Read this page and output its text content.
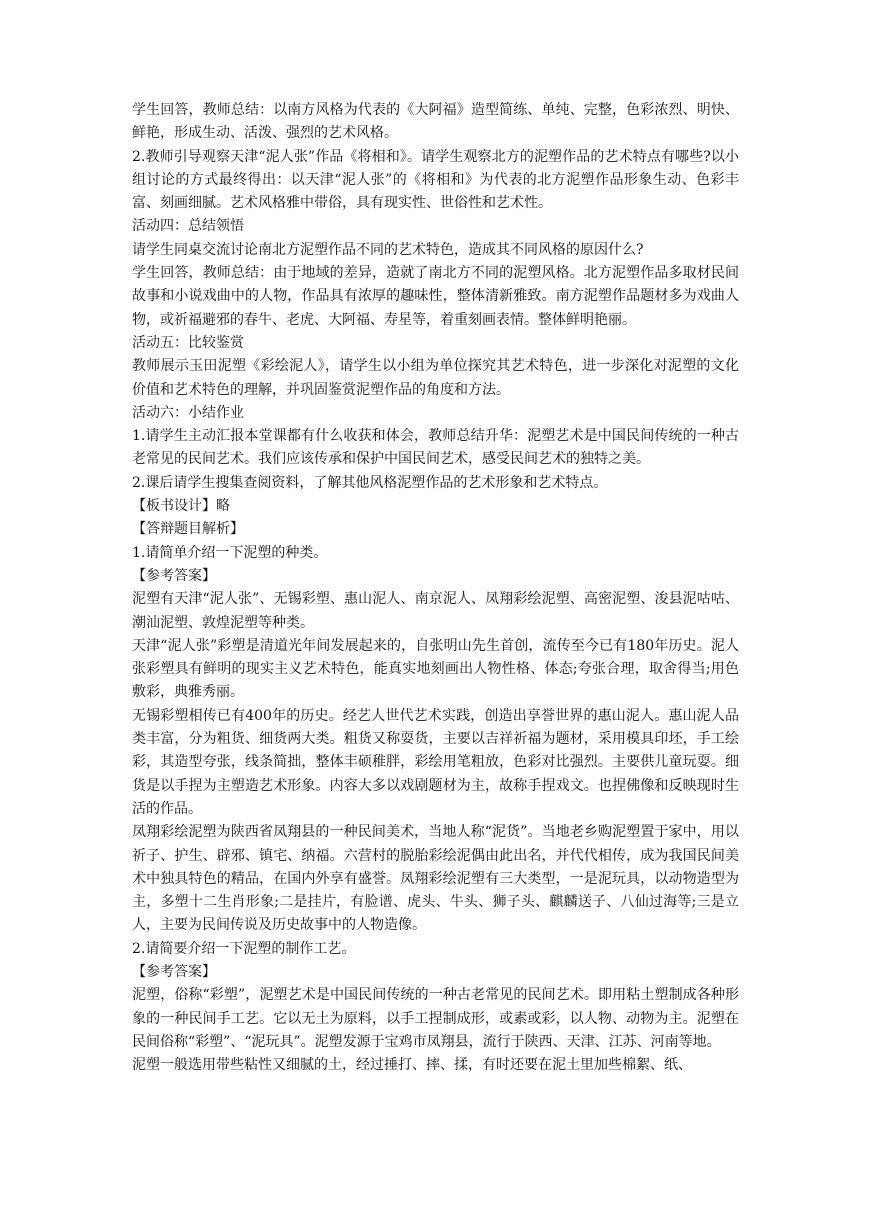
学生回答，教师总结：以南方风格为代表的《大阿福》造型简练、单纯、完整，色彩浓烈、明快、鲜艳，形成生动、活泼、强烈的艺术风格。

2.教师引导观察天津“泥人张”作品《将相和》。请学生观察北方的泥塑作品的艺术特点有哪些?以小组讨论的方式最终得出：以天津“泥人张”的《将相和》为代表的北方泥塑作品形象生动、色彩丰富、刻画细腻。艺术风格雅中带俗，具有现实性、世俗性和艺术性。

活动四：总结领悟

请学生同桌交流讨论南北方泥塑作品不同的艺术特色，造成其不同风格的原因什么?

学生回答，教师总结：由于地域的差异，造就了南北方不同的泥塑风格。北方泥塑作品多取材民间故事和小说戏曲中的人物，作品具有浓厚的趣味性，整体清新雅致。南方泥塑作品题材多为戏曲人物，或祈福避邪的春牛、老虎、大阿福、寿星等，着重刻画表情。整体鲜明艳丽。

活动五：比较鉴赏

教师展示玉田泥塑《彩绘泥人》，请学生以小组为单位探究其艺术特色，进一步深化对泥塑的文化价值和艺术特色的理解，并巩固鉴赏泥塑作品的角度和方法。

活动六：小结作业

1.请学生主动汇报本堂课都有什么收获和体会，教师总结升华：泥塑艺术是中国民间传统的一种古老常见的民间艺术。我们应该传承和保护中国民间艺术，感受民间艺术的独特之美。

2.课后请学生搜集查阅资料，了解其他风格泥塑作品的艺术形象和艺术特点。

【板书设计】略

【答辩题目解析】

1.请简单介绍一下泥塑的种类。

【参考答案】

泥塑有天津“泥人张”、无锡彩塑、惠山泥人、南京泥人、凤翔彩绘泥塑、高密泥塑、浚县泥咕咕、潮汕泥塑、敦煌泥塑等种类。

天津“泥人张”彩塑是清道光年间发展起来的，自张明山先生首创，流传至今已有180年历史。泥人张彩塑具有鲜明的现实主义艺术特色，能真实地刻画出人物性格、体态;夸张合理，取舍得当;用色敷彩，典雅秀丽。

无锡彩塑相传已有400年的历史。经艺人世代艺术实践，创造出享誉世界的惠山泥人。惠山泥人品类丰富，分为粗货、细货两大类。粗货又称耍货，主要以吉祥祈福为题材，采用模具印坯，手工绘彩，其造型夸张，线条简拙，整体丰硕稚胖，彩绘用笔粗放，色彩对比强烈。主要供儿童玩耍。细货是以手捏为主塑造艺术形象。内容大多以戏剧题材为主，故称手捏戏文。也捏佛像和反映现时生活的作品。

凤翔彩绘泥塑为陕西省凤翔县的一种民间美术，当地人称“泥货”。当地老乡购泥塑置于家中，用以祈子、护生、辟邪、镇宅、纳福。六营村的脱胎彩绘泥偶由此出名，并代代相传，成为我国民间美术中独具特色的精品，在国内外享有盛誉。凤翔彩绘泥塑有三大类型，一是泥玩具，以动物造型为主，多塑十二生肖形象;二是挂片，有脸谱、虎头、牛头、狮子头、麒麟送子、八仙过海等;三是立人，主要为民间传说及历史故事中的人物造像。

2.请简要介绍一下泥塑的制作工艺。

【参考答案】

泥塑，俗称“彩塑”，泥塑艺术是中国民间传统的一种古老常见的民间艺术。即用粘土塑制成各种形象的一种民间手工艺。它以无土为原料，以手工捏制成形，或素或彩，以人物、动物为主。泥塑在民间俗称“彩塑”、“泥玩具”。泥塑发源于宝鸡市凤翔县，流行于陕西、天津、江苏、河南等地。

泥塑一般选用带些粘性又细腻的土，经过捶打、摔、揉，有时还要在泥土里加些棉絮、纸、
